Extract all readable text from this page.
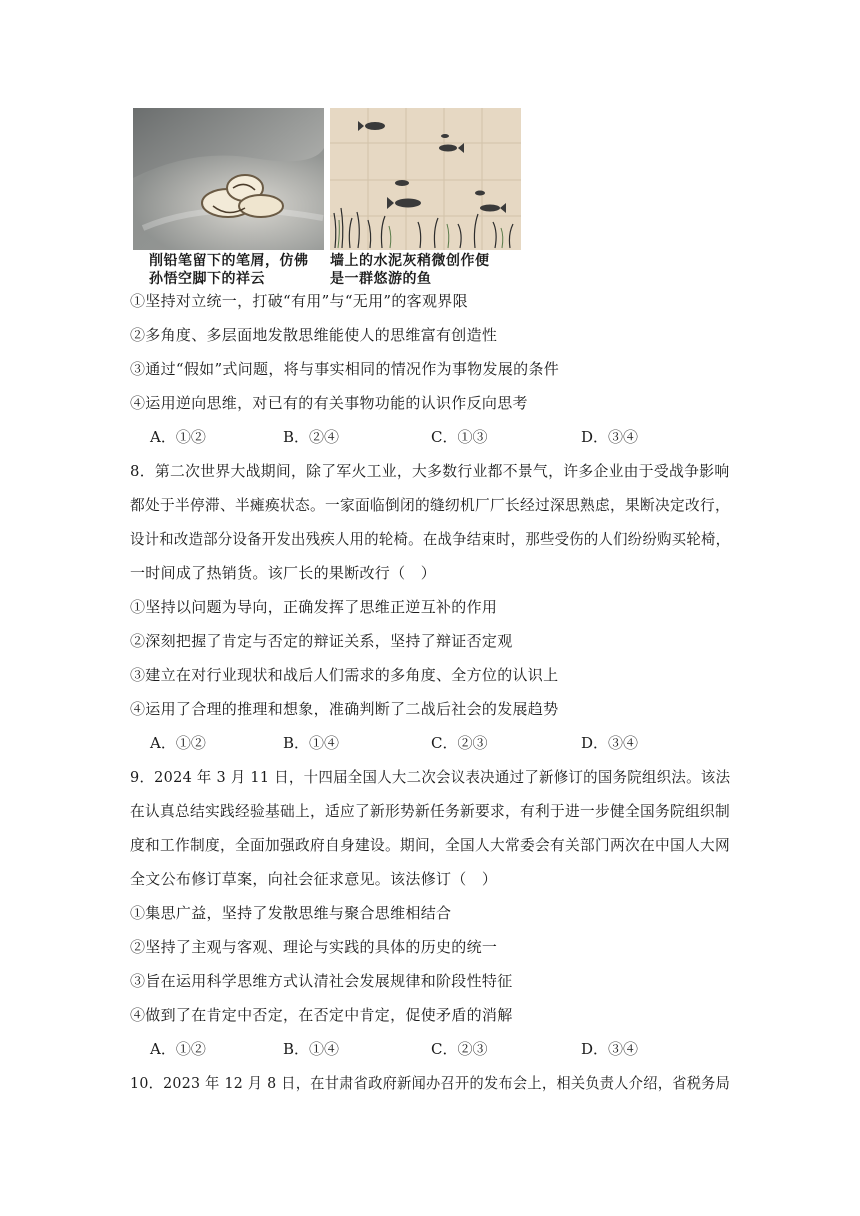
削铅笔留下的笔屑，仿佛
孙悟空脚下的祥云
墙上的水泥灰稍微创作便
是一群悠游的鱼
①坚持对立统一，打破“有用”与“无用”的客观界限
②多角度、多层面地发散思维能使人的思维富有创造性
③通过“假如”式问题，将与事实相同的情况作为事物发展的条件
④运用逆向思维，对已有的有关事物功能的认识作反向思考
A．①②	B．②④	C．①③	D．③④
8．第二次世界大战期间，除了军火工业，大多数行业都不景气，许多企业由于受战争影响
都处于半停滞、半瘫痪状态。一家面临倒闭的缝纫机厂厂长经过深思熟虑，果断决定改行，
设计和改造部分设备开发出残疾人用的轮椅。在战争结束时，那些受伤的人们纷纷购买轮椅，
一时间成了热销货。该厂长的果断改行（　）
①坚持以问题为导向，正确发挥了思维正逆互补的作用
②深刻把握了肯定与否定的辩证关系，坚持了辩证否定观
③建立在对行业现状和战后人们需求的多角度、全方位的认识上
④运用了合理的推理和想象，准确判断了二战后社会的发展趋势
A．①②	B．①④	C．②③	D．③④
9．2024 年 3 月 11 日，十四届全国人大二次会议表决通过了新修订的国务院组织法。该法
在认真总结实践经验基础上，适应了新形势新任务新要求，有利于进一步健全国务院组织制
度和工作制度，全面加强政府自身建设。期间，全国人大常委会有关部门两次在中国人大网
全文公布修订草案，向社会征求意见。该法修订（　）
①集思广益，坚持了发散思维与聚合思维相结合
②坚持了主观与客观、理论与实践的具体的历史的统一
③旨在运用科学思维方式认清社会发展规律和阶段性特征
④做到了在肯定中否定，在否定中肯定，促使矛盾的消解
A．①②	B．①④	C．②③	D．③④
10．2023 年 12 月 8 日，在甘肃省政府新闻办召开的发布会上，相关负责人介绍，省税务局
